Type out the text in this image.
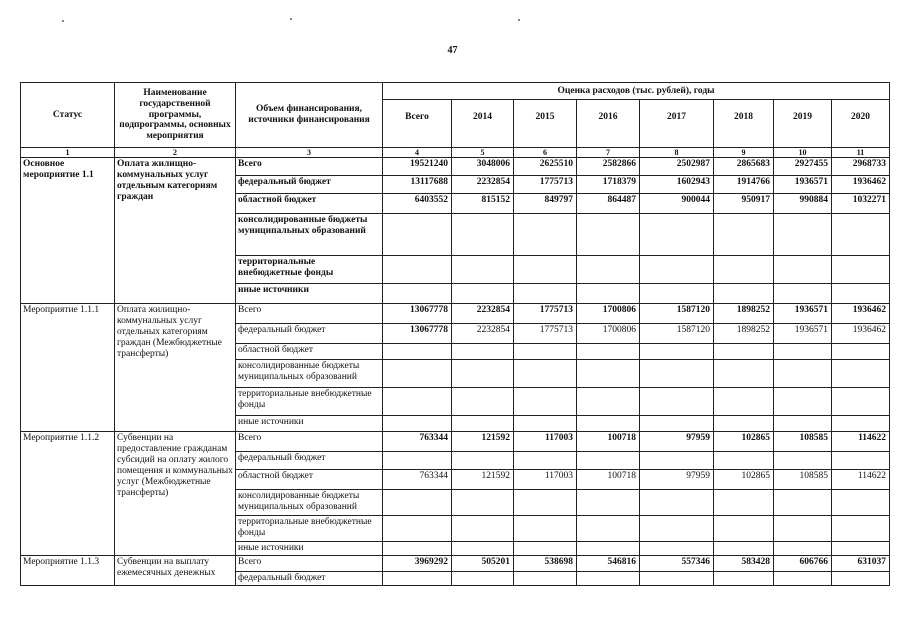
47
Статус	Наименование государственной программы, подпрограммы, основных мероприятия	Объем финансирования, источники финансирования	Оценка расходов (тыс. рублей), годы							
			Всего	2014	2015	2016	2017	2018	2019	2020
1	2	3	4	5	6	7	8	9	10	11
Основное мероприятие 1.1	Оплата жилищно-коммунальных услуг отдельным категориям граждан	Всего	19521240	3048006	2625510	2582866	2502987	2865683	2927455	2968733
		федеральный бюджет	13117688	2232854	1775713	1718379	1602943	1914766	1936571	1936462
		областной бюджет	6403552	815152	849797	864487	900044	950917	990884	1032271
		консолидированные бюджеты муниципальных образований								
		территориальные внебюджетные фонды								
		иные источники								
Мероприятие 1.1.1	Оплата жилищно-коммунальных услуг отдельных категориям граждан (Межбюджетные трансферты)	Всего	13067778	2232854	1775713	1700806	1587120	1898252	1936571	1936462
		федеральный бюджет	13067778	2232854	1775713	1700806	1587120	1898252	1936571	1936462
		областной бюджет								
		консолидированные бюджеты муниципальных образований								
		территориальные внебюджетные фонды								
		иные источники								
Мероприятие 1.1.2	Субвенции на предоставление гражданам субсидий на оплату жилого помещения и коммунальных услуг (Межбюджетные трансферты)	Всего	763344	121592	117003	100718	97959	102865	108585	114622
		федеральный бюджет								
		областной бюджет	763344	121592	117003	100718	97959	102865	108585	114622
		консолидированные бюджеты муниципальных образований								
		территориальные внебюджетные фонды								
		иные источники								
Мероприятие 1.1.3	Субвенции на выплату ежемесячных денежных	Всего	3969292	505201	538698	546816	557346	583428	606766	631037
		федеральный бюджет								
